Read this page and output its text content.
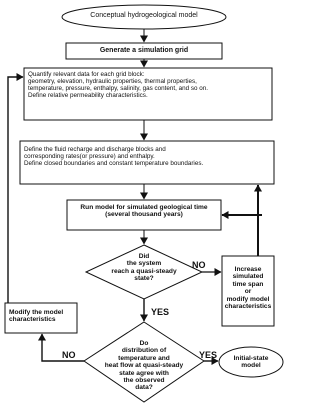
Conceptual hydrogeological model
Generate a simulation grid
Quantify relevant data for each grid block:
geometry, elevation, hydraulic properties, thermal properties,
temperature, pressure, enthalpy, salinity, gas content, and so on.
Define relative permeability characteristics.
Define the fluid recharge and discharge blocks and
corresponding rates(or pressure) and enthalpy.
Define closed boundaries and constant temperature boundaries.
Run model for simulated geological time
(several thousand years)
Did
the system
reach a quasi-steady
state?
Increase
simulated
time span
or
modify model
characteristics
Modify the model
characteristics
Do
distribution of
temperature and
heat flow at quasi-steady
state agree with
the observed
data?
Initial-state
model
NO
YES
NO	YES
